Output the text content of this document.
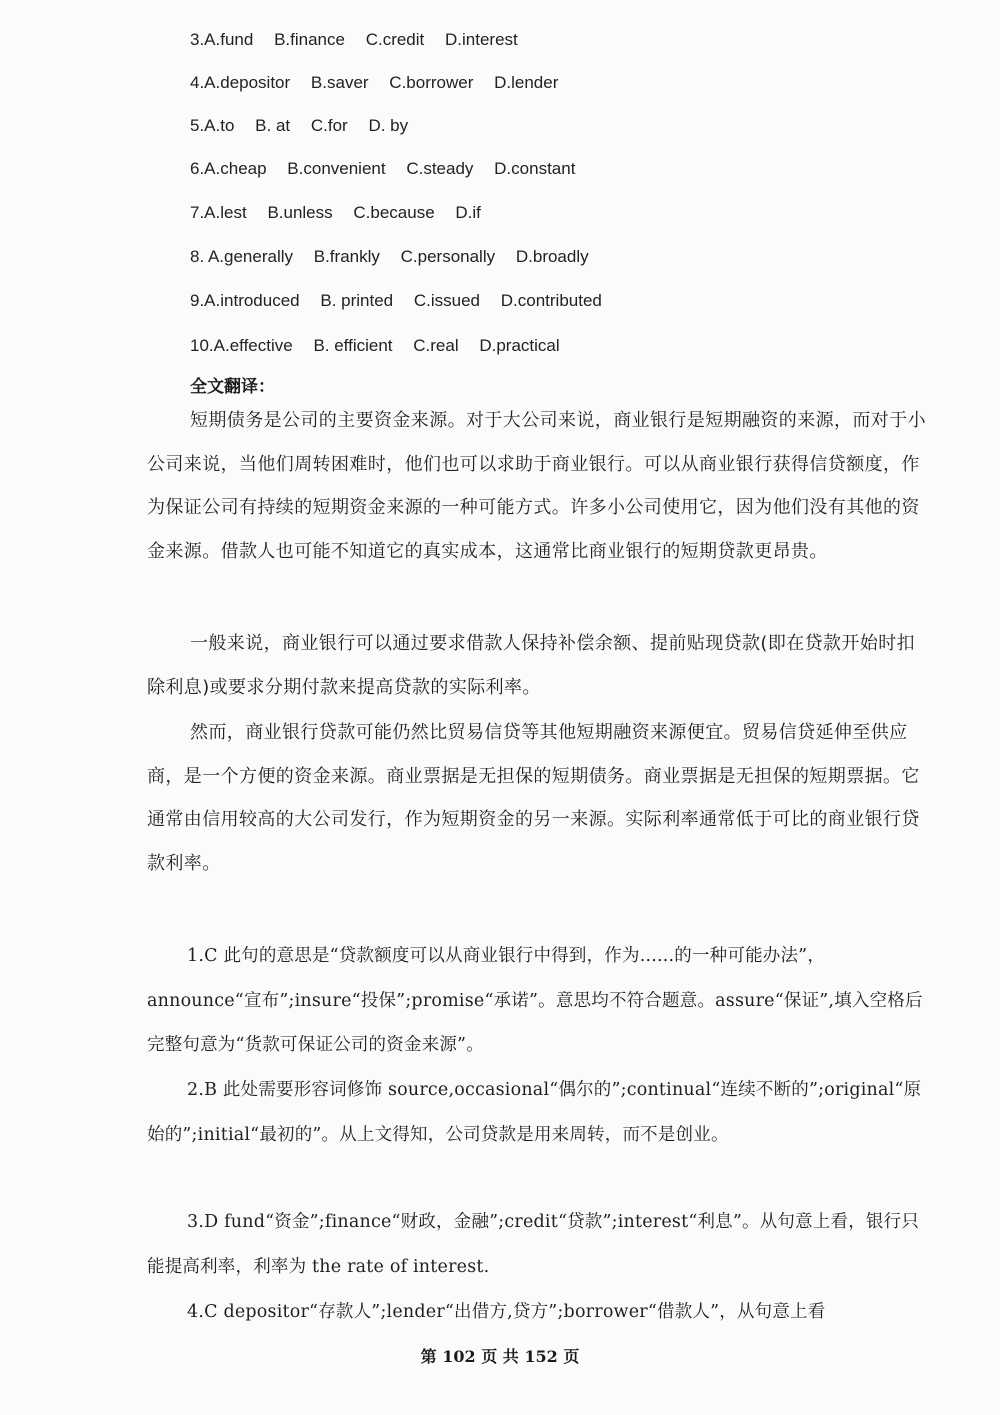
3.A.fund B.finance C.credit D.interest
4.A.depositor B.saver C.borrower D.lender
5.A.to B. at C.for D. by
6.A.cheap B.convenient C.steady D.constant
7.A.lest B.unless C.because D.if
8. A.generally B.frankly C.personally D.broadly
9.A.introduced B. printed C.issued D.contributed
10.A.effective B. efficient C.real D.practical
全文翻译：

短期债务是公司的主要资金来源。对于大公司来说，商业银行是短期融资的来源，而对于小公司来说，当他们周转困难时，他们也可以求助于商业银行。可以从商业银行获得信贷额度，作为保证公司有持续的短期资金来源的一种可能方式。许多小公司使用它，因为他们没有其他的资金来源。借款人也可能不知道它的真实成本，这通常比商业银行的短期贷款更昂贵。

一般来说，商业银行可以通过要求借款人保持补偿余额、提前贴现贷款(即在贷款开始时扣除利息)或要求分期付款来提高贷款的实际利率。

然而，商业银行贷款可能仍然比贸易信贷等其他短期融资来源便宜。贸易信贷延伸至供应商，是一个方便的资金来源。商业票据是无担保的短期债务。商业票据是无担保的短期票据。它通常由信用较高的大公司发行，作为短期资金的另一来源。实际利率通常低于可比的商业银行贷款利率。

1.C 此句的意思是“贷款额度可以从商业银行中得到，作为......的一种可能办法”，announce“宣布”;insure“投保”;promise“承诺”。意思均不符合题意。assure“保证”,填入空格后完整句意为“货款可保证公司的资金来源”。

2.B 此处需要形容词修饰 source,occasional“偶尔的”;continual“连续不断的”;original“原始的”;initial“最初的”。从上文得知，公司贷款是用来周转，而不是创业。

3.D fund“资金”;finance“财政，金融”;credit“贷款”;interest“利息”。从句意上看，银行只能提高利率，利率为 the rate of interest.

4.C depositor“存款人”;lender“出借方,贷方”;borrower“借款人”，从句意上看

第 102 页 共 152 页
